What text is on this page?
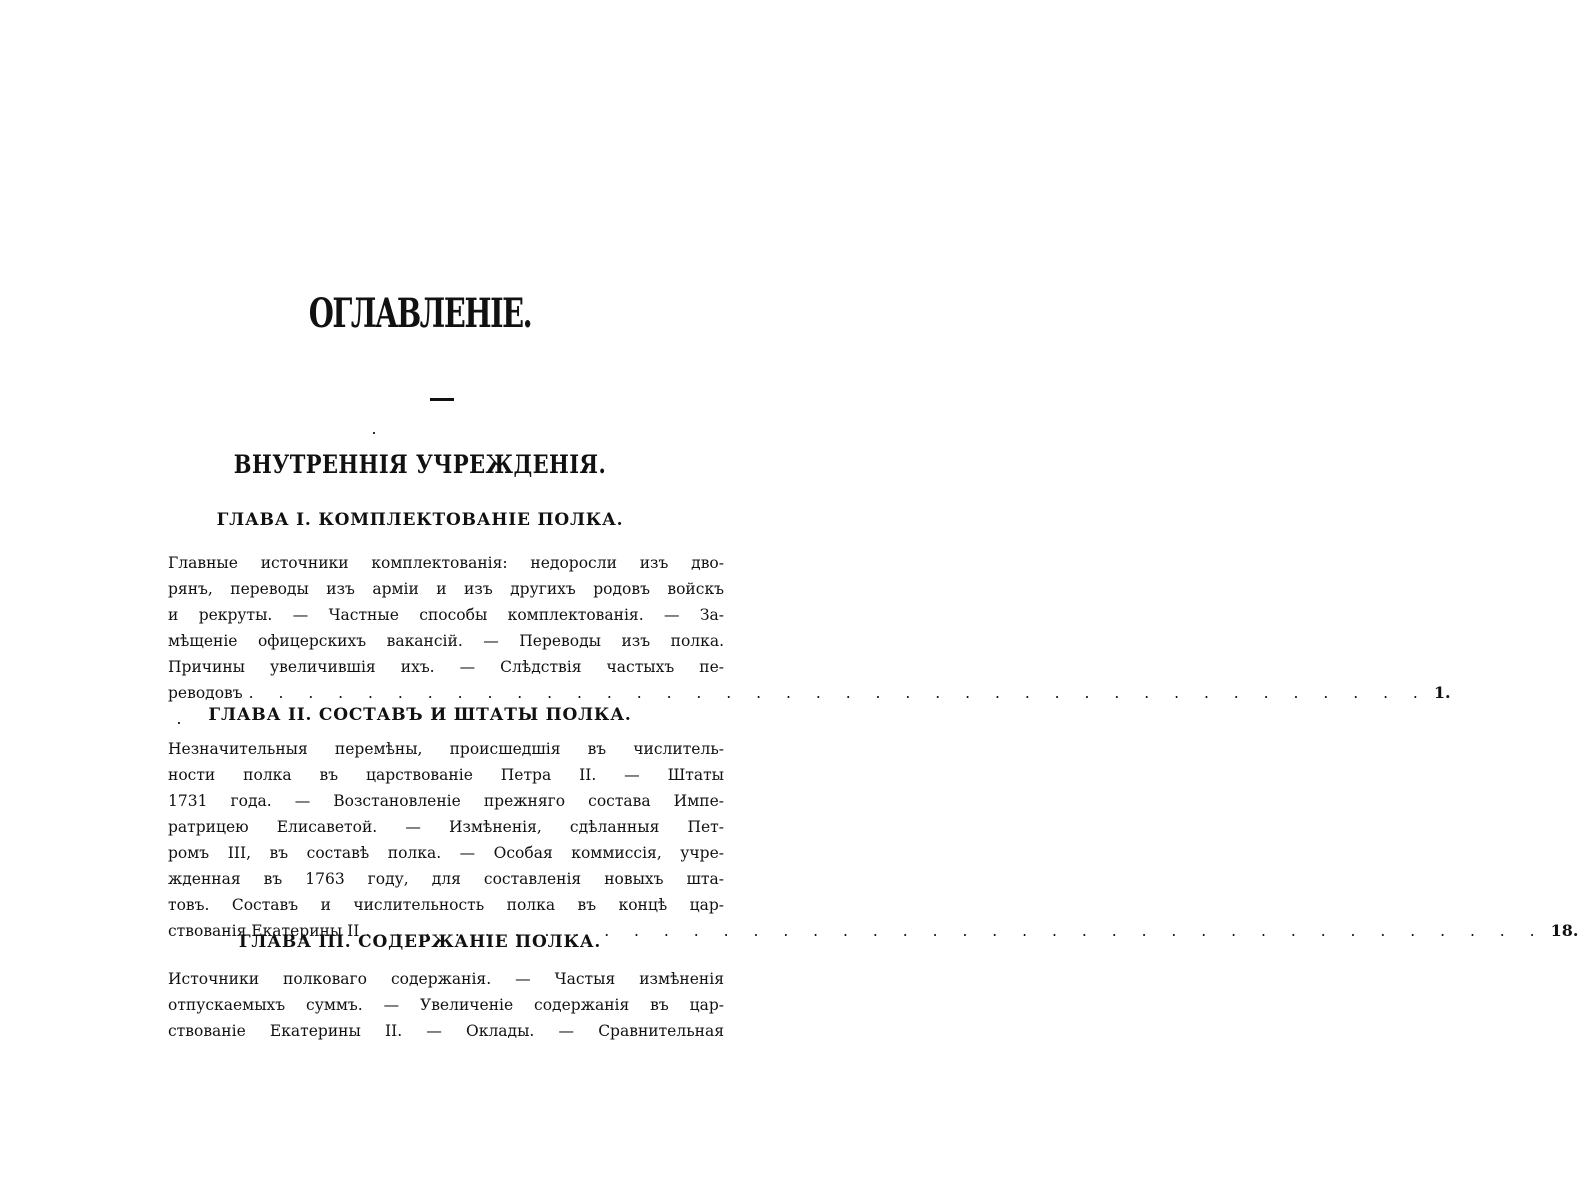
ОГЛАВЛЕНІЕ.
ВНУТРЕННІЯ УЧРЕЖДЕНІЯ.
ГЛАВА I. КОМПЛЕКТОВАНІЕ ПОЛКА.
Главные источники комплектованія: недоросли изъ дво-
рянъ, переводы изъ арміи и изъ другихъ родовъ войскъ
и рекруты. — Частные способы комплектованія. — За-
мѣщеніе офицерскихъ вакансій. — Переводы изъ полка.
Причины увеличившія ихъ. — Слѣдствія частыхъ пе-
реводовъ . . . . . . . . . . . . . . . . . . . . . . . . . . . . . . . . . . . . . . . . 1.
ГЛАВА II. СОСТАВЪ И ШТАТЫ ПОЛКА.
Незначительныя перемѣны, происшедшія въ числитель-
ности полка въ царствованіе Петра II. — Штаты
1731 года. — Возстановленіе прежняго состава Импе-
ратрицею Елисаветой. — Измѣненія, сдѣланныя Пет-
ромъ III, въ составѣ полка. — Особая коммиссія, учре-
жденная въ 1763 году, для составленія новыхъ шта-
товъ. Составъ и числительность полка въ концѣ цар-
ствованія Екатерины II . . . . . . . . . . . . . . . . . . . . . . . . . . . . . . . . . . . . . . . . 18.
ГЛАВА III. СОДЕРЖАНІЕ ПОЛКА.
Источники полковаго содержанія. — Частыя измѣненія
отпускаемыхъ суммъ. — Увеличеніе содержанія въ цар-
ствованіе Екатерины II. — Оклады. — Сравнительная
